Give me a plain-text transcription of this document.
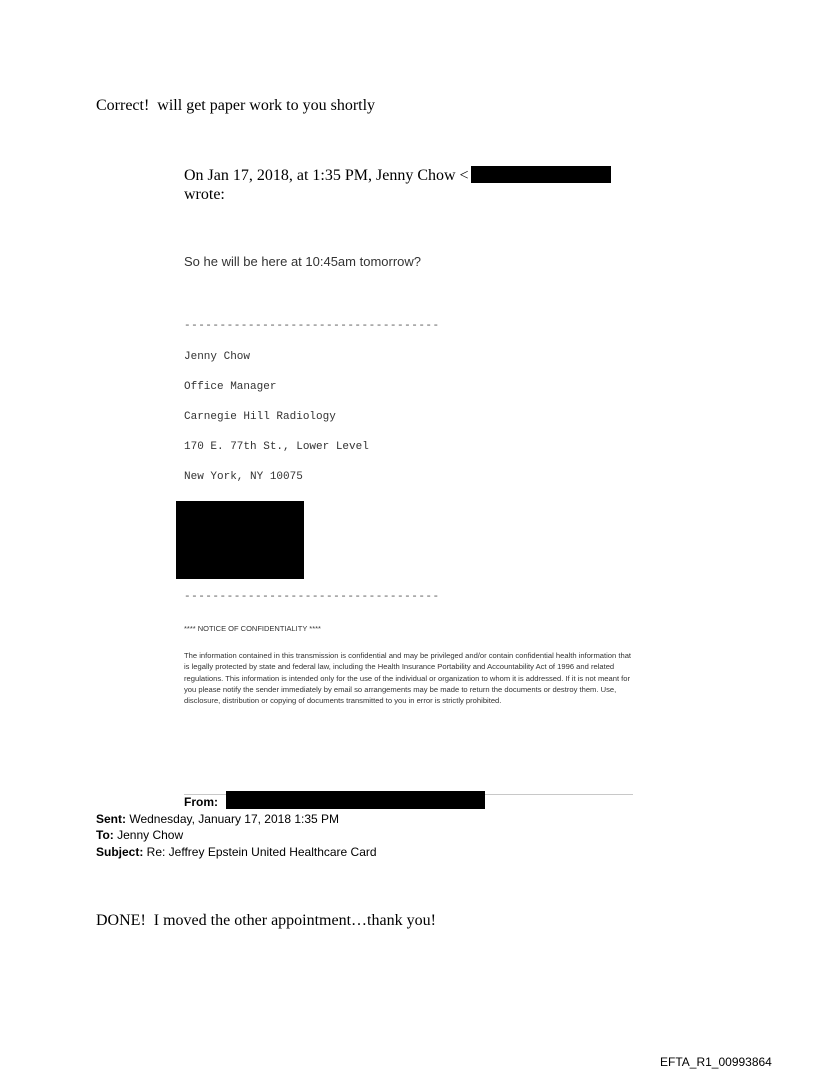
Correct!  will get paper work to you shortly
On Jan 17, 2018, at 1:35 PM, Jenny Chow <
wrote:
So he will be here at 10:45am tomorrow?
------------------------------------
Jenny Chow
Office Manager
Carnegie Hill Radiology
170 E. 77th St., Lower Level
New York, NY 10075
------------------------------------
**** NOTICE OF CONFIDENTIALITY ****
The information contained in this transmission is confidential and may be privileged and/or contain confidential health information that is legally protected by state and federal law, including the Health Insurance Portability and Accountability Act of 1996 and related regulations. This information is intended only for the use of the individual or organization to whom it is addressed. If it is not meant for you please notify the sender immediately by email so arrangements may be made to return the documents or destroy them. Use, disclosure, distribution or copying of documents transmitted to you in error is strictly prohibited.
From:
Sent: Wednesday, January 17, 2018 1:35 PM
To: Jenny Chow
Subject: Re: Jeffrey Epstein United Healthcare Card
DONE!  I moved the other appointment…thank you!
EFTA_R1_00993864
